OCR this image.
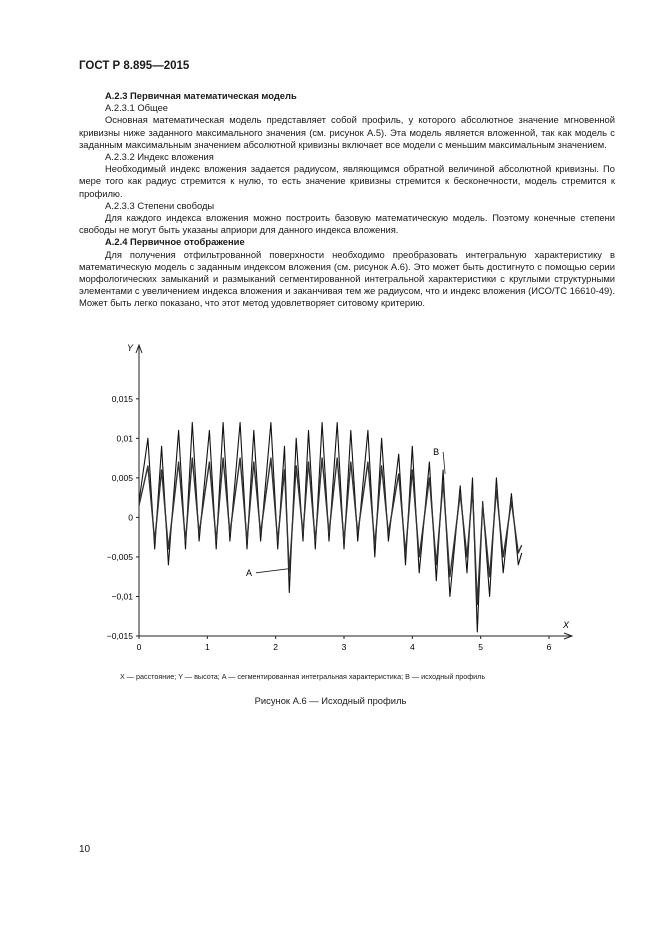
ГОСТ Р 8.895—2015

А.2.3 Первичная математическая модель

А.2.3.1 Общее

Основная математическая модель представляет собой профиль, у которого абсолютное значение мгновенной кривизны ниже заданного максимального значения (см. рисунок А.5). Эта модель является вложенной, так как модель с заданным максимальным значением абсолютной кривизны включает все модели с меньшим максимальным значением.

А.2.3.2 Индекс вложения

Необходимый индекс вложения задается радиусом, являющимся обратной величиной абсолютной кривизны. По мере того как радиус стремится к нулю, то есть значение кривизны стремится к бесконечности, модель стремится к профилю.

А.2.3.3 Степени свободы

Для каждого индекса вложения можно построить базовую математическую модель. Поэтому конечные степени свободы не могут быть указаны априори для данного индекса вложения.

А.2.4 Первичное отображение

Для получения отфильтрованной поверхности необходимо преобразовать интегральную характеристику в математическую модель с заданным индексом вложения (см. рисунок А.6). Это может быть достигнуто с помощью серии морфологических замыканий и размыканий сегментированной интегральной характеристики с круглыми структурными элементами с увеличением индекса вложения и заканчивая тем же радиусом, что и индекс вложения (ИСО/ТС 16610-49). Может быть легко показано, что этот метод удовлетворяет ситовому критерию.

Y
X
0,015
0,01
0,005
0
−0,005
−0,01
−0,015
0	1	2	3	4	5	6
A
B
X — расстояние; Y — высота; A — сегментированная интегральная характеристика; B — исходный профиль
Рисунок А.6 — Исходный профиль
10
